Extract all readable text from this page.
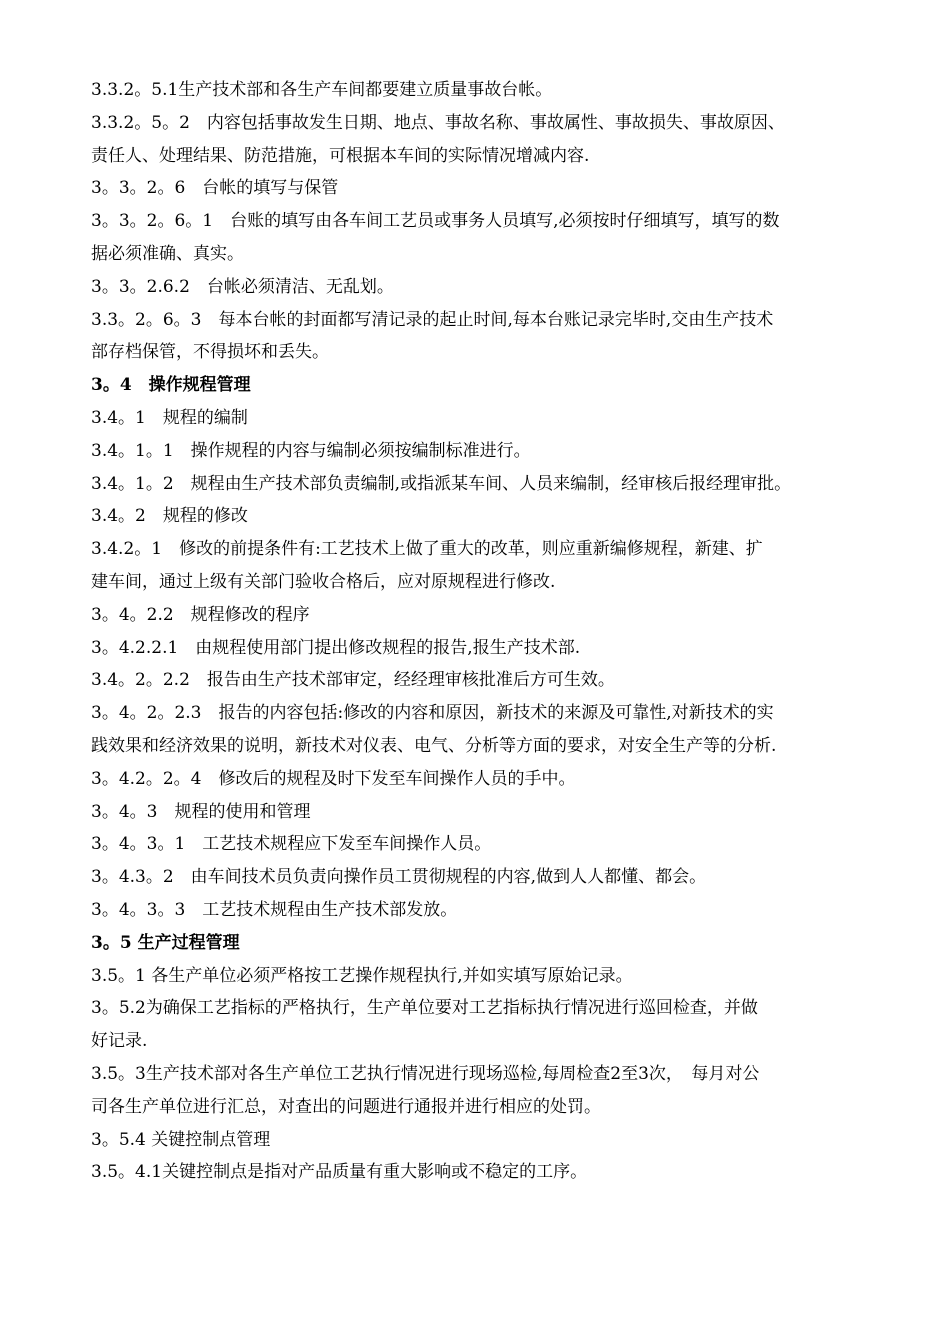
3.3.2。5.1生产技术部和各生产车间都要建立质量事故台帐。
3.3.2。5。2　内容包括事故发生日期、地点、事故名称、事故属性、事故损失、事故原因、
责任人、处理结果、防范措施，可根据本车间的实际情况增减内容.
3。3。2。6　台帐的填写与保管
3。3。2。6。1　台账的填写由各车间工艺员或事务人员填写,必须按时仔细填写，填写的数
据必须准确、真实。
3。3。2.6.2　台帐必须清洁、无乱划。
3.3。2。6。3　每本台帐的封面都写清记录的起止时间,每本台账记录完毕时,交由生产技术
部存档保管，不得损坏和丢失。
3。4　操作规程管理
3.4。1　规程的编制
3.4。1。1　操作规程的内容与编制必须按编制标准进行。
3.4。1。2　规程由生产技术部负责编制,或指派某车间、人员来编制，经审核后报经理审批。
3.4。2　规程的修改
3.4.2。1　修改的前提条件有:工艺技术上做了重大的改革，则应重新编修规程，新建、扩
建车间，通过上级有关部门验收合格后，应对原规程进行修改.
3。4。2.2　规程修改的程序
3。4.2.2.1　由规程使用部门提出修改规程的报告,报生产技术部.
3.4。2。2.2　报告由生产技术部审定，经经理审核批准后方可生效。
3。4。2。2.3　报告的内容包括:修改的内容和原因，新技术的来源及可靠性,对新技术的实
践效果和经济效果的说明，新技术对仪表、电气、分析等方面的要求，对安全生产等的分析.
3。4.2。2。4　修改后的规程及时下发至车间操作人员的手中。
3。4。3　规程的使用和管理
3。4。3。1　工艺技术规程应下发至车间操作人员。
3。4.3。2　由车间技术员负责向操作员工贯彻规程的内容,做到人人都懂、都会。
3。4。3。3　工艺技术规程由生产技术部发放。
3。5 生产过程管理
3.5。1 各生产单位必须严格按工艺操作规程执行,并如实填写原始记录。
3。5.2为确保工艺指标的严格执行，生产单位要对工艺指标执行情况进行巡回检查，并做
好记录.
3.5。3生产技术部对各生产单位工艺执行情况进行现场巡检,每周检查2至3次，　每月对公
司各生产单位进行汇总，对查出的问题进行通报并进行相应的处罚。
3。5.4 关键控制点管理
3.5。4.1关键控制点是指对产品质量有重大影响或不稳定的工序。
